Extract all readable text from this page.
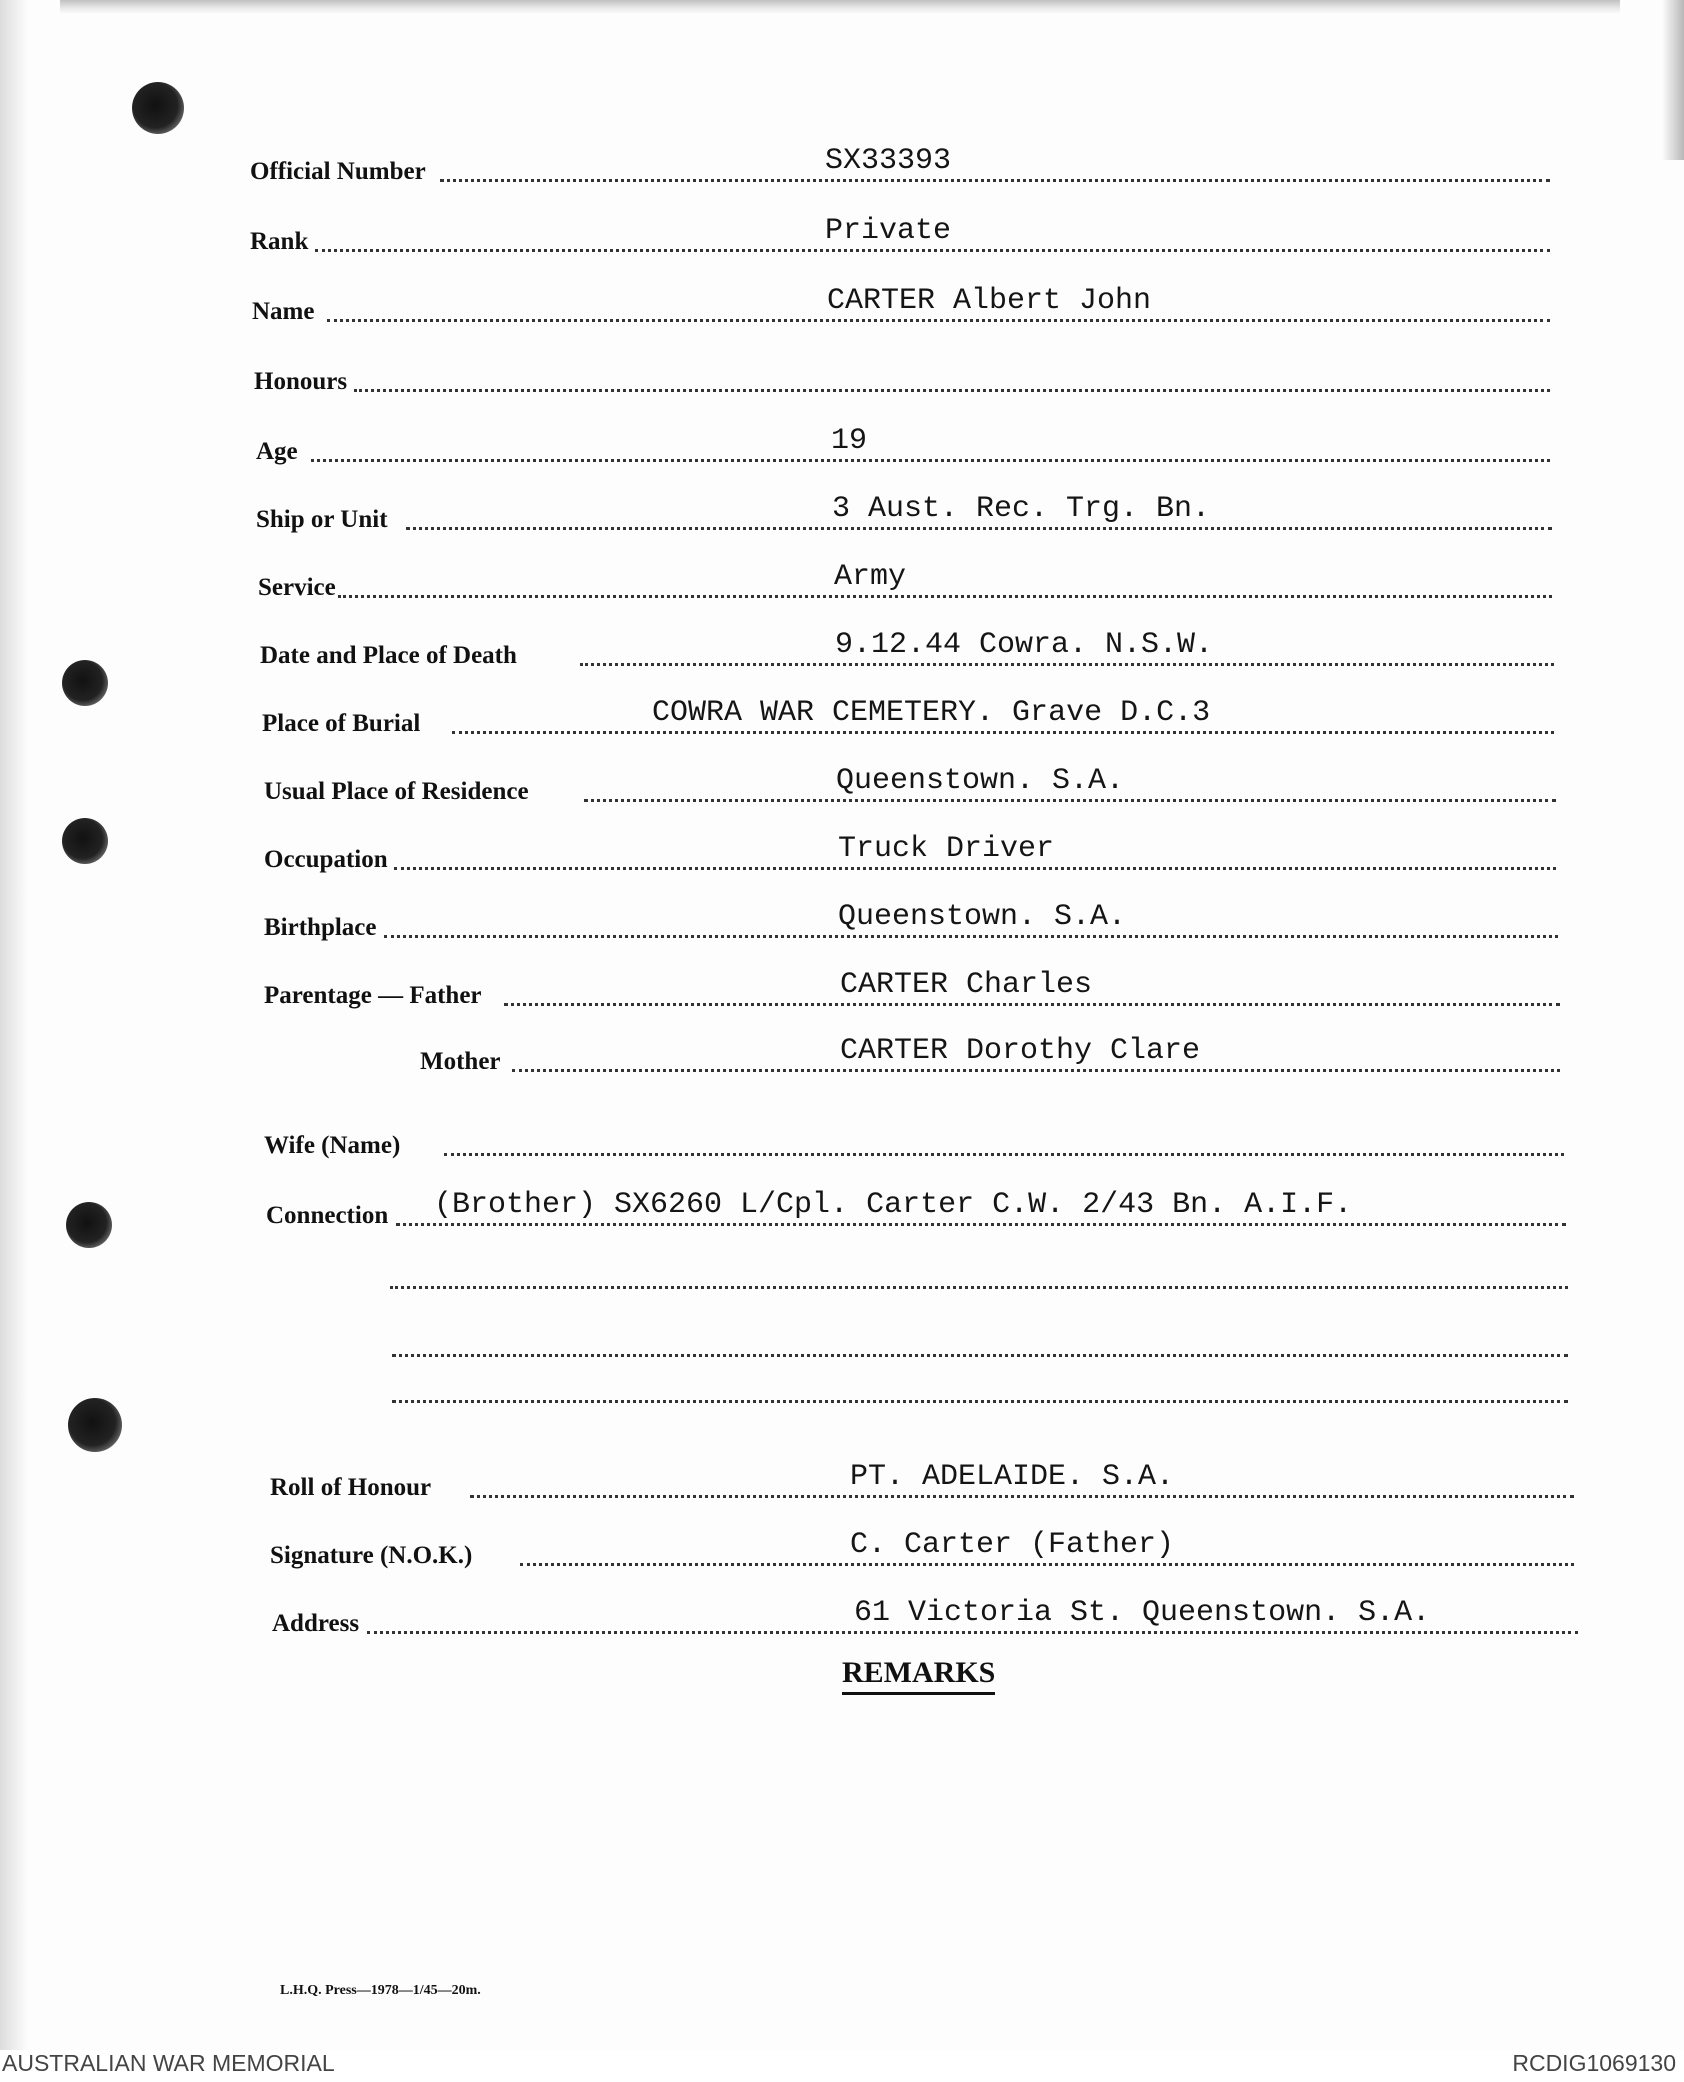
Official Number	SX33393
Rank	Private
Name	CARTER Albert John
Honours
Age	19
Ship or Unit	3 Aust. Rec. Trg. Bn.
Service	Army
Date and Place of Death	9.12.44 Cowra. N.S.W.
Place of Burial	COWRA WAR CEMETERY. Grave D.C.3
Usual Place of Residence	Queenstown. S.A.
Occupation	Truck Driver
Birthplace	Queenstown. S.A.
Parentage — Father	CARTER Charles
Mother	CARTER Dorothy Clare
Wife (Name)
Connection (Brother) SX6260 L/Cpl. Carter C.W. 2/43 Bn. A.I.F.
Roll of Honour	PT. ADELAIDE. S.A.
Signature (N.O.K.)	C. Carter (Father)
Address	61 Victoria St. Queenstown. S.A.
REMARKS
L.H.Q. Press—1978—1/45—20m.
AUSTRALIAN WAR MEMORIAL	RCDIG1069130
